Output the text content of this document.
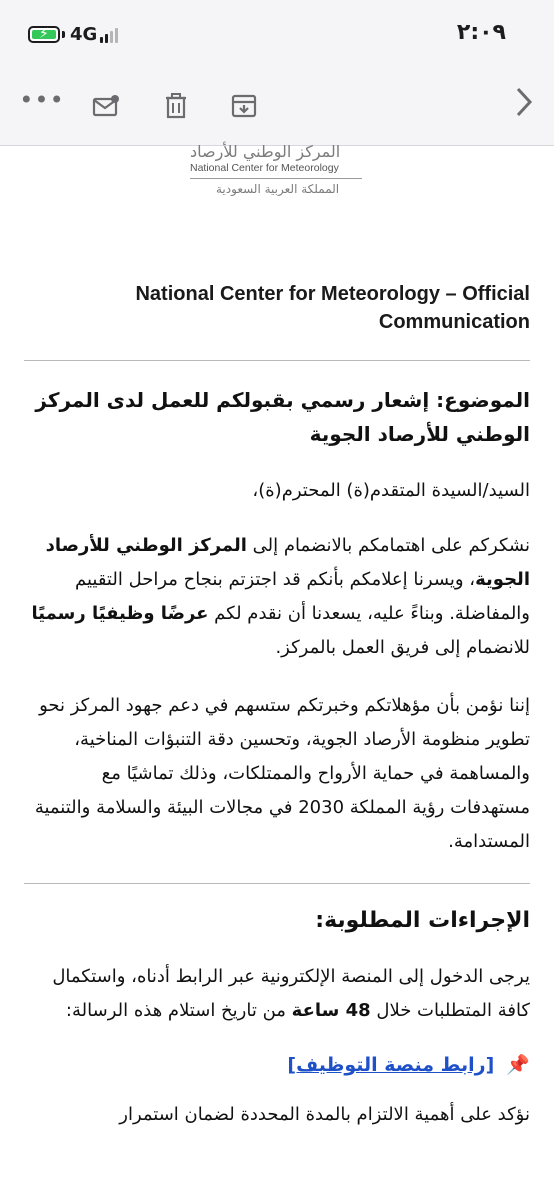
⚡ 4G	٢:٠٩
•••
المركز الوطني للأرصاد
National Center for Meteorology
المملكة العربية السعودية
National Center for Meteorology – Official Communication
الموضوع: إشعار رسمي بقبولكم للعمل لدى المركز الوطني للأرصاد الجوية
السيد/السيدة المتقدم(ة) المحترم(ة)،
نشكركم على اهتمامكم بالانضمام إلى المركز الوطني للأرصاد الجوية، ويسرنا إعلامكم بأنكم قد اجتزتم بنجاح مراحل التقييم والمفاضلة. وبناءً عليه، يسعدنا أن نقدم لكم عرضًا وظيفيًا رسميًا للانضمام إلى فريق العمل بالمركز.
إننا نؤمن بأن مؤهلاتكم وخبرتكم ستسهم في دعم جهود المركز نحو تطوير منظومة الأرصاد الجوية، وتحسين دقة التنبؤات المناخية، والمساهمة في حماية الأرواح والممتلكات، وذلك تماشيًا مع مستهدفات رؤية المملكة 2030 في مجالات البيئة والسلامة والتنمية المستدامة.
الإجراءات المطلوبة:
يرجى الدخول إلى المنصة الإلكترونية عبر الرابط أدناه، واستكمال كافة المتطلبات خلال 48 ساعة من تاريخ استلام هذه الرسالة:
📌 [رابط منصة التوظيف]
نؤكد على أهمية الالتزام بالمدة المحددة لضمان استمرار
